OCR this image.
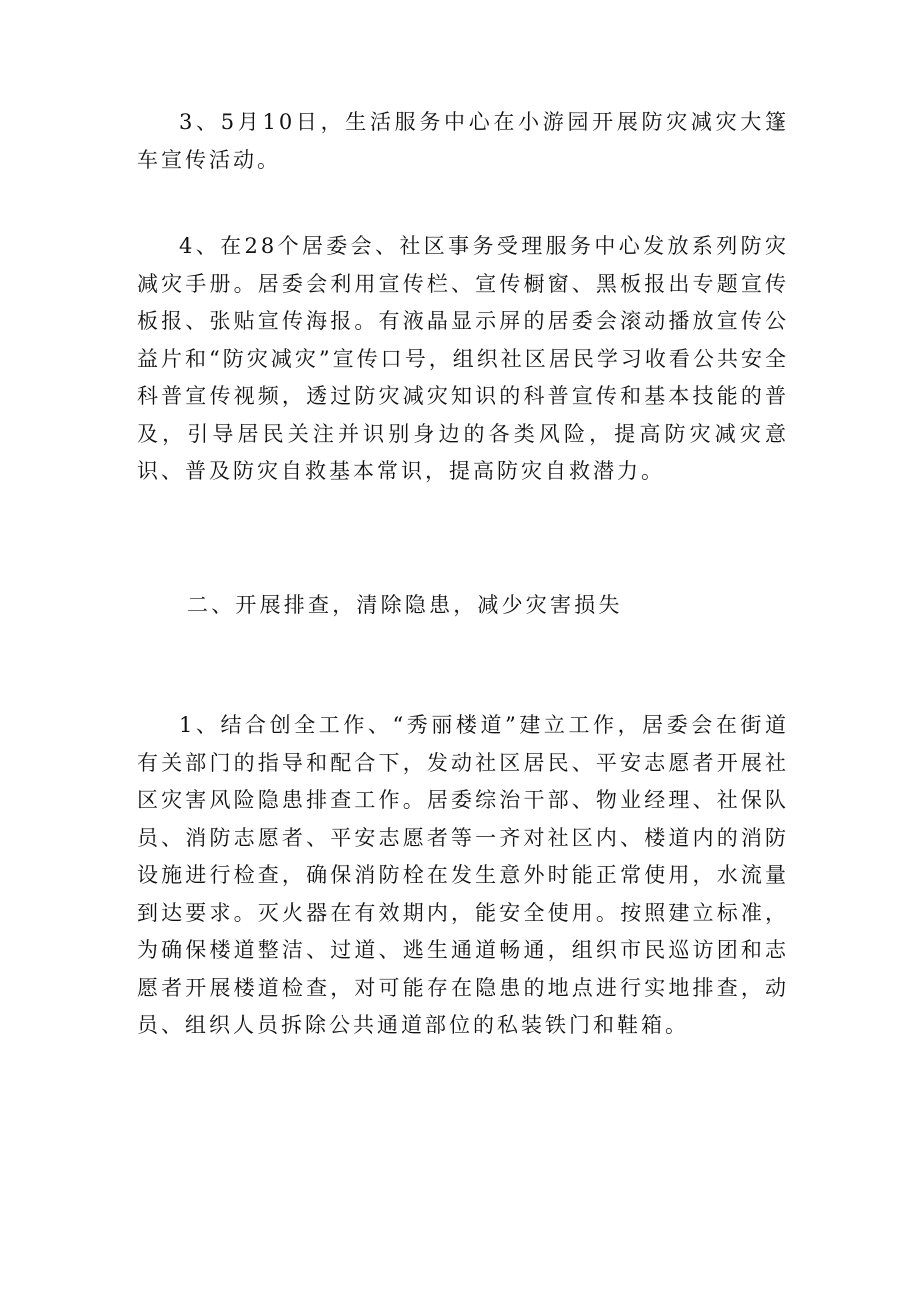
3、5月10日，生活服务中心在小游园开展防灾减灾大篷车宣传活动。

4、在28个居委会、社区事务受理服务中心发放系列防灾减灾手册。居委会利用宣传栏、宣传橱窗、黑板报出专题宣传板报、张贴宣传海报。有液晶显示屏的居委会滚动播放宣传公益片和“防灾减灾”宣传口号，组织社区居民学习收看公共安全科普宣传视频，透过防灾减灾知识的科普宣传和基本技能的普及，引导居民关注并识别身边的各类风险，提高防灾减灾意识、普及防灾自救基本常识，提高防灾自救潜力。

二、开展排查，清除隐患，减少灾害损失

1、结合创全工作、“秀丽楼道”建立工作，居委会在街道有关部门的指导和配合下，发动社区居民、平安志愿者开展社区灾害风险隐患排查工作。居委综治干部、物业经理、社保队员、消防志愿者、平安志愿者等一齐对社区内、楼道内的消防设施进行检查，确保消防栓在发生意外时能正常使用，水流量到达要求。灭火器在有效期内，能安全使用。按照建立标准，为确保楼道整洁、过道、逃生通道畅通，组织市民巡访团和志愿者开展楼道检查，对可能存在隐患的地点进行实地排查，动员、组织人员拆除公共通道部位的私装铁门和鞋箱。
